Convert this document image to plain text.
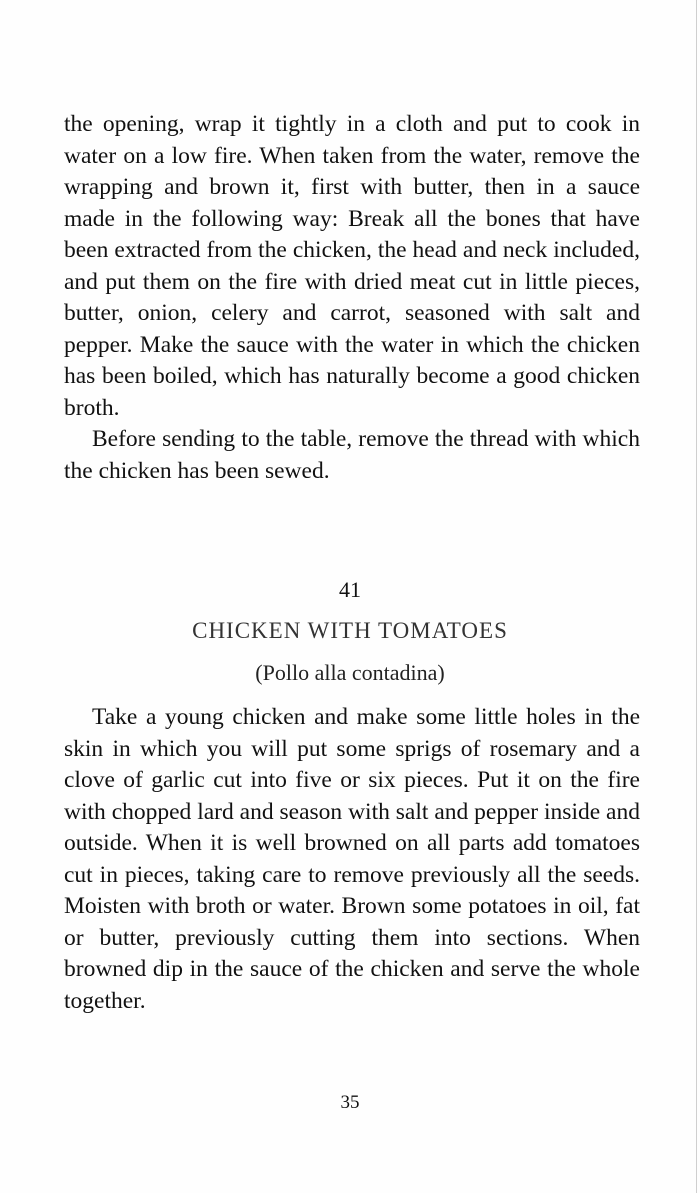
the opening, wrap it tightly in a cloth and put to cook in water on a low fire. When taken from the water, remove the wrapping and brown it, first with butter, then in a sauce made in the following way: Break all the bones that have been extracted from the chicken, the head and neck included, and put them on the fire with dried meat cut in little pieces, butter, onion, celery and carrot, seasoned with salt and pepper. Make the sauce with the water in which the chicken has been boiled, which has naturally become a good chicken broth.

Before sending to the table, remove the thread with which the chicken has been sewed.

41
CHICKEN WITH TOMATOES
(Pollo alla contadina)

Take a young chicken and make some little holes in the skin in which you will put some sprigs of rosemary and a clove of garlic cut into five or six pieces. Put it on the fire with chopped lard and season with salt and pepper inside and outside. When it is well browned on all parts add tomatoes cut in pieces, taking care to remove previously all the seeds. Moisten with broth or water. Brown some potatoes in oil, fat or butter, previously cutting them into sections. When browned dip in the sauce of the chicken and serve the whole together.

35
